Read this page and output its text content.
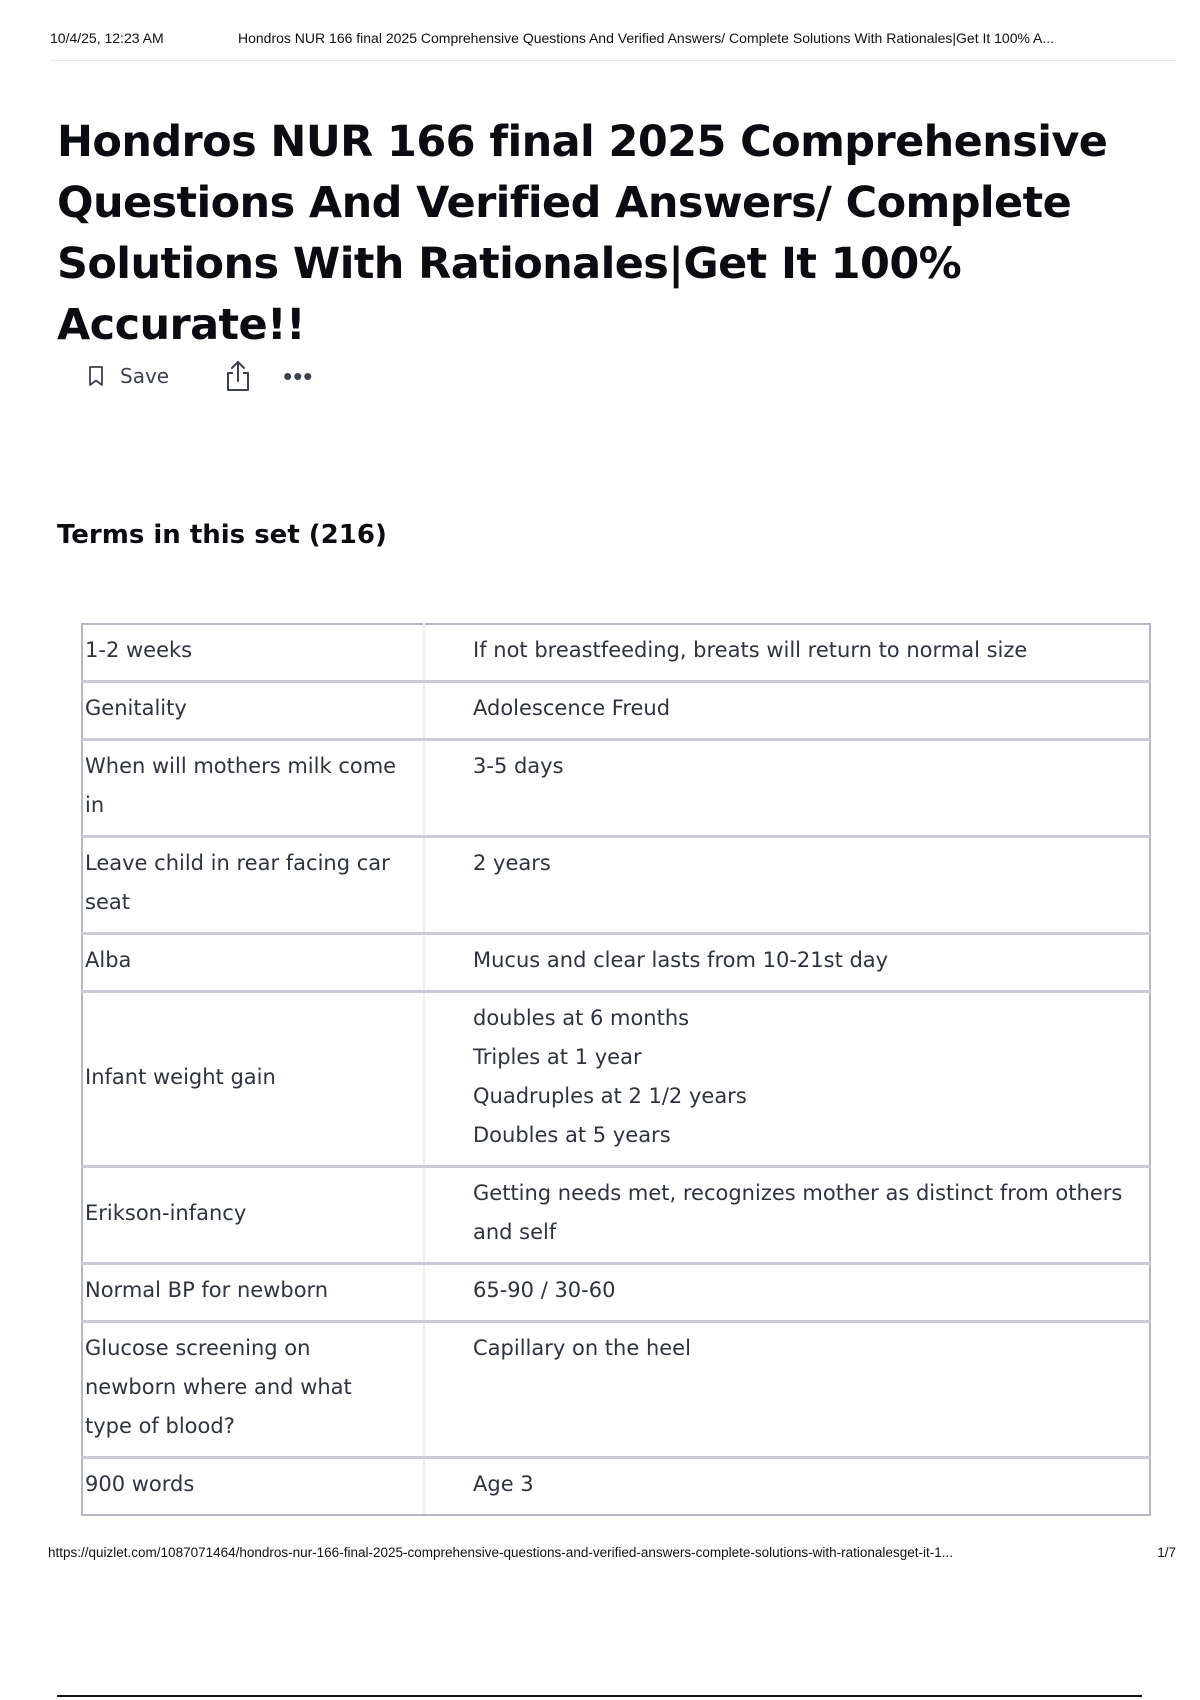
10/4/25, 12:23 AM	Hondros NUR 166 final 2025 Comprehensive Questions And Verified Answers/ Complete Solutions With Rationales|Get It 100% A...
Hondros NUR 166 final 2025 Comprehensive Questions And Verified Answers/ Complete Solutions With Rationales|Get It 100% Accurate!!
Save	•••
Terms in this set (216)
1-2 weeks	If not breastfeeding, breats will return to normal size

Genitality	Adolescence Freud

When will mothers milk come in	3-5 days

Leave child in rear facing car seat	2 years

Alba	Mucus and clear lasts from 10-21st day

Infant weight gain	doubles at 6 months
Triples at 1 year
Quadruples at 2 1/2 years
Doubles at 5 years

Erikson-infancy	Getting needs met, recognizes mother as distinct from others and self

Normal BP for newborn	65-90 / 30-60

Glucose screening on newborn where and what type of blood?	Capillary on the heel

900 words	Age 3
https://quizlet.com/1087071464/hondros-nur-166-final-2025-comprehensive-questions-and-verified-answers-complete-solutions-with-rationalesget-it-1...	1/7
